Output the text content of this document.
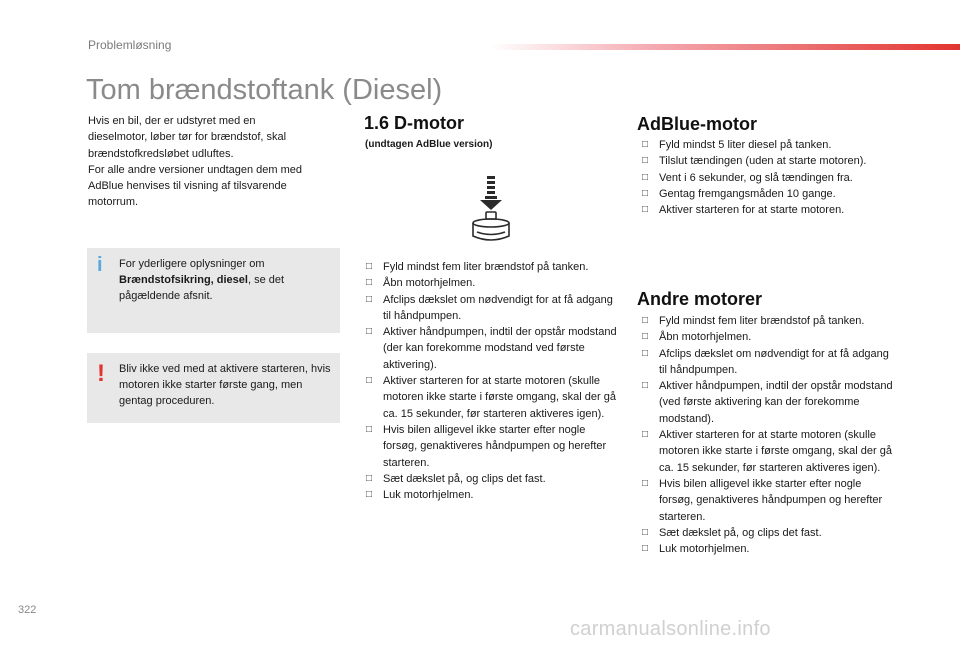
Problemløsning
Tom brændstoftank (Diesel)

Hvis en bil, der er udstyret med en
dieselmotor, løber tør for brændstof, skal
brændstofkredsløbet udluftes.
For alle andre versioner undtagen dem med
AdBlue henvises til visning af tilsvarende
motorrum.

i For yderligere oplysninger om Brændstofsikring, diesel, se det pågældende afsnit.

! Bliv ikke ved med at aktivere starteren, hvis motoren ikke starter første gang, men gentag proceduren.

1.6 D-motor

(undtagen AdBlue version)

□ Fyld mindst fem liter brændstof på tanken.
□ Åbn motorhjelmen.
□ Afclips dækslet om nødvendigt for at få adgang til håndpumpen.
□ Aktiver håndpumpen, indtil der opstår modstand (der kan forekomme modstand ved første aktivering).
□ Aktiver starteren for at starte motoren (skulle motoren ikke starte i første omgang, skal der gå ca. 15 sekunder, før starteren aktiveres igen).
□ Hvis bilen alligevel ikke starter efter nogle forsøg, genaktiveres håndpumpen og herefter starteren.
□ Sæt dækslet på, og clips det fast.
□ Luk motorhjelmen.
AdBlue-motor
□ Fyld mindst 5 liter diesel på tanken.
□ Tilslut tændingen (uden at starte motoren).
□ Vent i 6 sekunder, og slå tændingen fra.
□ Gentag fremgangsmåden 10 gange.
□ Aktiver starteren for at starte motoren.
Andre motorer
□ Fyld mindst fem liter brændstof på tanken.
□ Åbn motorhjelmen.
□ Afclips dækslet om nødvendigt for at få adgang til håndpumpen.
□ Aktiver håndpumpen, indtil der opstår modstand (ved første aktivering kan der forekomme modstand).
□ Aktiver starteren for at starte motoren (skulle motoren ikke starte i første omgang, skal der gå ca. 15 sekunder, før starteren aktiveres igen).
□ Hvis bilen alligevel ikke starter efter nogle forsøg, genaktiveres håndpumpen og herefter starteren.
□ Sæt dækslet på, og clips det fast.
□ Luk motorhjelmen.
322
carmanualsonline.info
